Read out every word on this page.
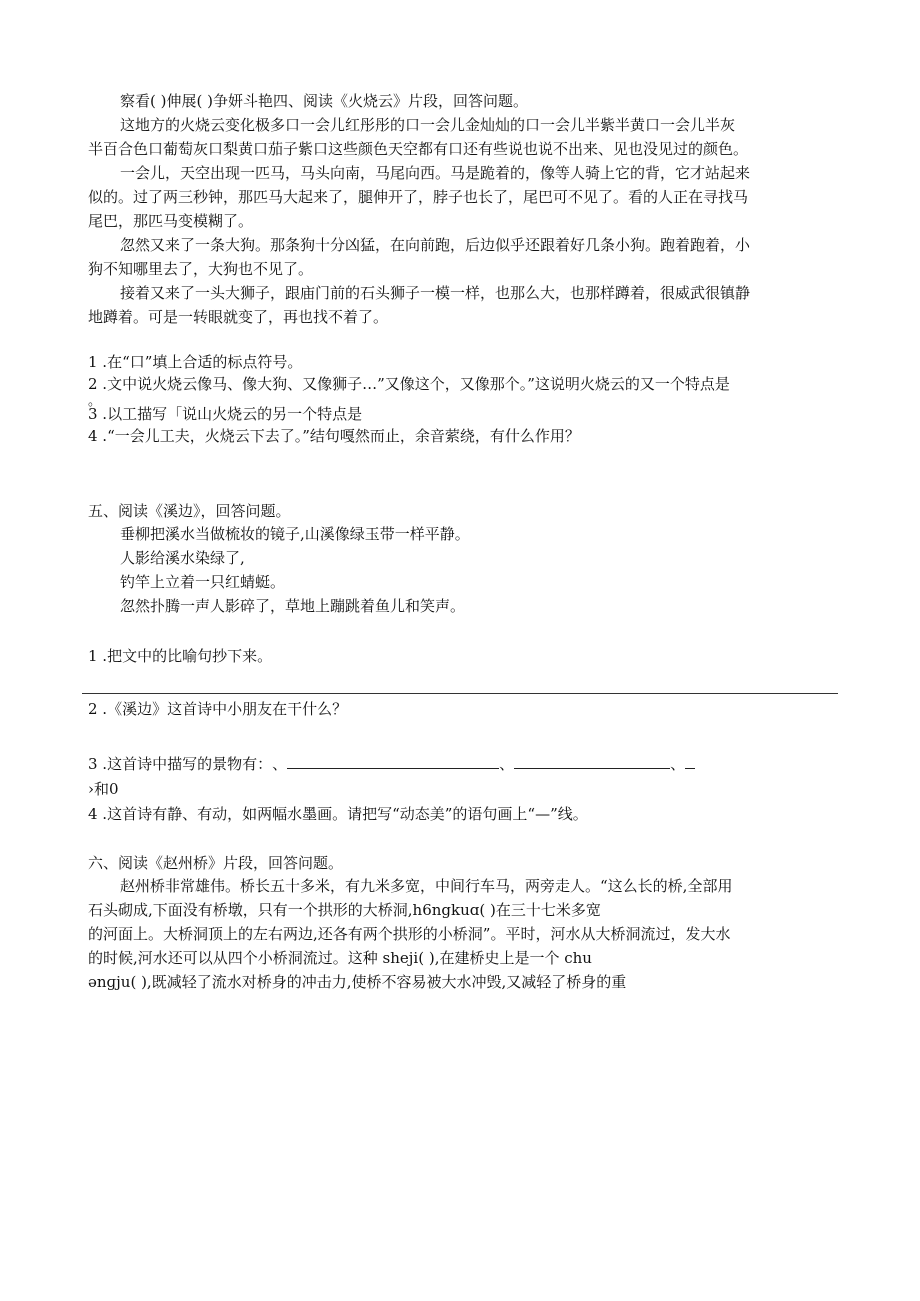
察看( )伸展( )争妍斗艳四、阅读《火烧云》片段，回答问题。
这地方的火烧云变化极多口一会儿红彤彤的口一会儿金灿灿的口一会儿半紫半黄口一会儿半灰
半百合色口葡萄灰口梨黄口茄子紫口这些颜色天空都有口还有些说也说不出来、见也没见过的颜色。
一会儿，天空出现一匹马，马头向南，马尾向西。马是跪着的，像等人骑上它的背，它才站起来
似的。过了两三秒钟，那匹马大起来了，腿伸开了，脖子也长了，尾巴可不见了。看的人正在寻找马
尾巴，那匹马变模糊了。
忽然又来了一条大狗。那条狗十分凶猛，在向前跑，后边似乎还跟着好几条小狗。跑着跑着，小
狗不知哪里去了，大狗也不见了。
接着又来了一头大狮子，跟庙门前的石头狮子一模一样，也那么大，也那样蹲着，很威武很镇静
地蹲着。可是一转眼就变了，再也找不着了。
1 .在“口”填上合适的标点符号。
2 .文中说火烧云像马、像大狗、又像狮子…”又像这个，又像那个。”这说明火烧云的又一个特点是
。
3 .以工描写「说山火烧云的另一个特点是
4 .“一会儿工夫，火烧云下去了。”结句嘎然而止，余音萦绕，有什么作用？
五、阅读《溪边》，回答问题。
垂柳把溪水当做梳妆的镜子,山溪像绿玉带一样平静。
人影给溪水染绿了,
钓竿上立着一只红蜻蜓。
忽然扑腾一声人影碎了，草地上蹦跳着鱼儿和笑声。
1 .把文中的比喻句抄下来。
2 .《溪边》这首诗中小朋友在干什么？
3 .这首诗中描写的景物有：、	、	、
›和0
4 .这首诗有静、有动，如两幅水墨画。请把写“动态美”的语句画上“—”线。
六、阅读《赵州桥》片段，回答问题。
赵州桥非常雄伟。桥长五十多米，有九米多宽，中间行车马，两旁走人。“这么长的桥,全部用
石头砌成,下面没有桥墩，只有一个拱形的大桥洞,h6ngkuɑ( )在三十七米多宽
的河面上。大桥洞顶上的左右两边,还各有两个拱形的小桥洞”。平时，河水从大桥洞流过，发大水
的时候,河水还可以从四个小桥洞流过。这种 sheji( ),在建桥史上是一个 chu
ənɡju( ),既减轻了流水对桥身的冲击力,使桥不容易被大水冲毁,又减轻了桥身的重
